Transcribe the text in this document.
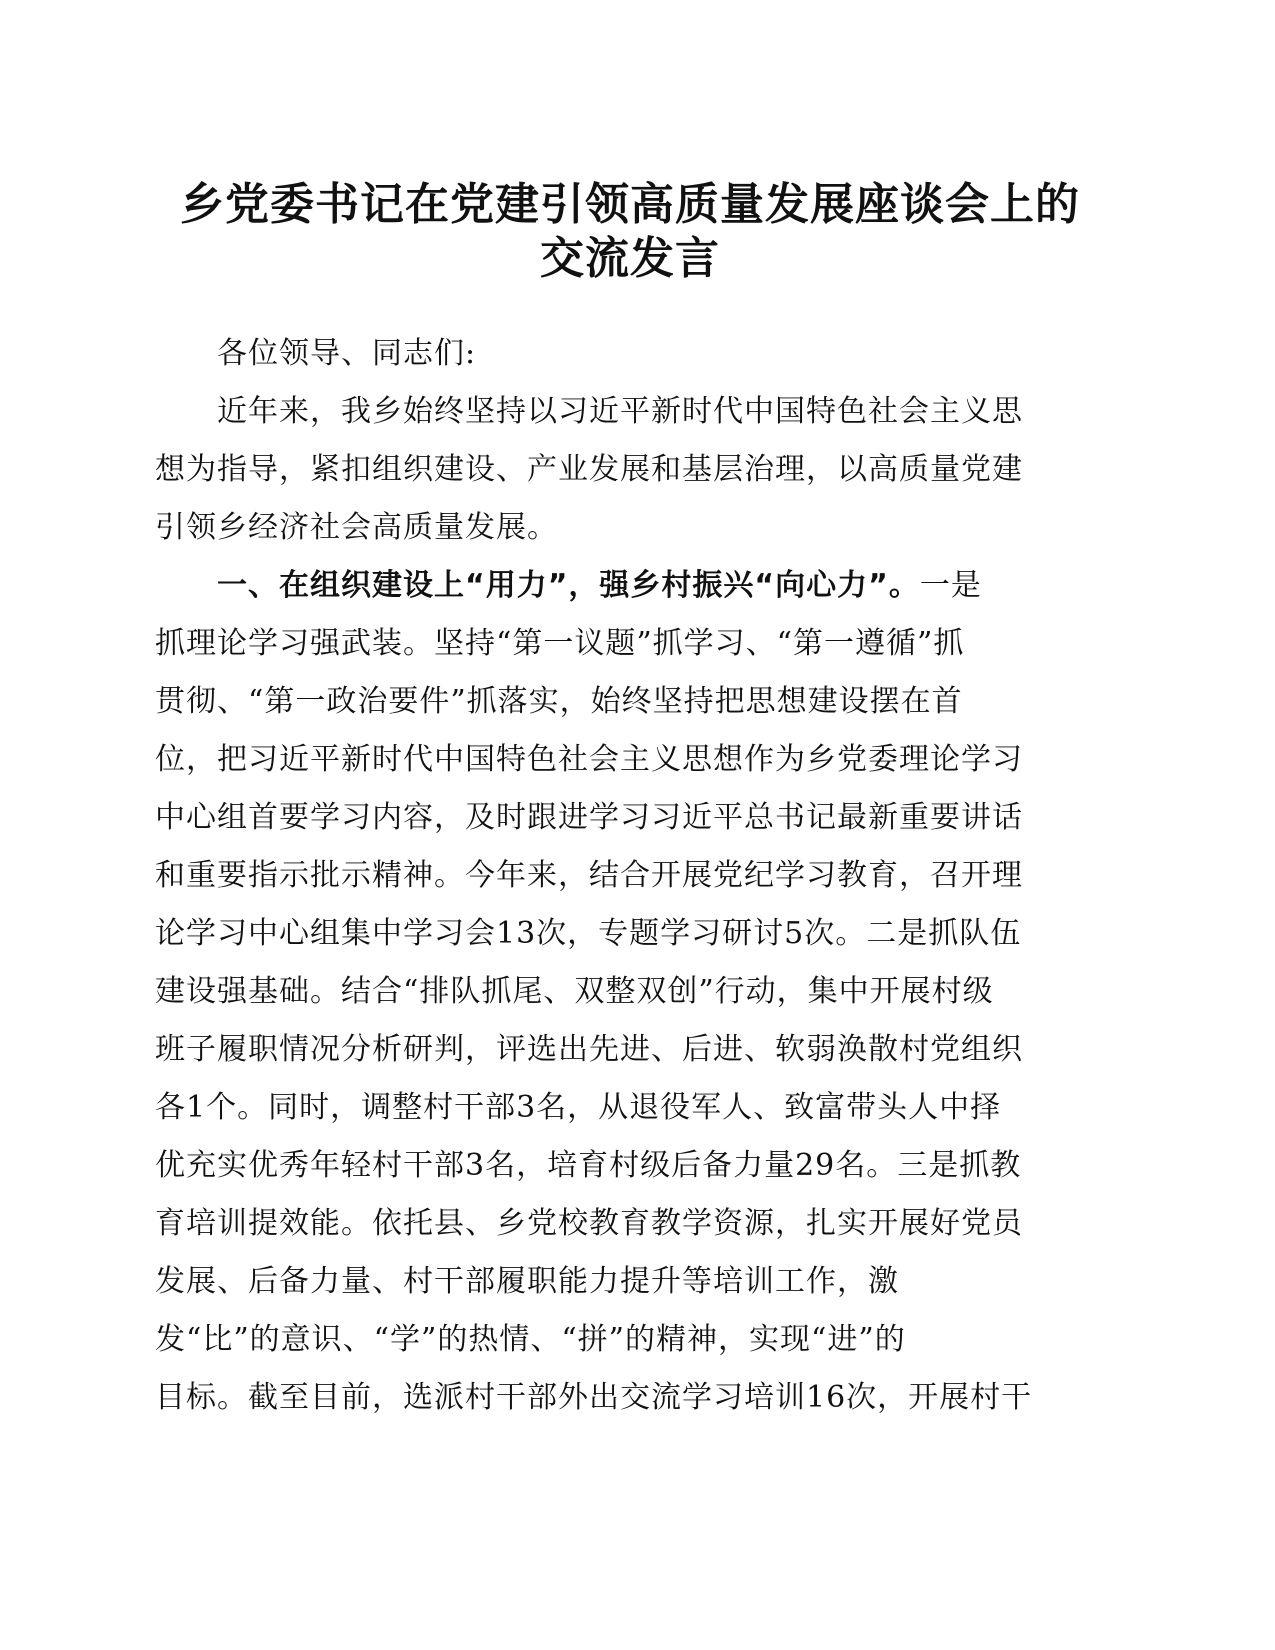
乡党委书记在党建引领高质量发展座谈会上的
交流发言
各位领导、同志们:
近年来，我乡始终坚持以习近平新时代中国特色社会主义思
想为指导，紧扣组织建设、产业发展和基层治理，以高质量党建
引领乡经济社会高质量发展。
一、在组织建设上“用力”，强乡村振兴“向心力”。一是
抓理论学习强武装。坚持“第一议题”抓学习、“第一遵循”抓
贯彻、“第一政治要件”抓落实，始终坚持把思想建设摆在首
位，把习近平新时代中国特色社会主义思想作为乡党委理论学习
中心组首要学习内容，及时跟进学习习近平总书记最新重要讲话
和重要指示批示精神。今年来，结合开展党纪学习教育，召开理
论学习中心组集中学习会13次，专题学习研讨5次。二是抓队伍
建设强基础。结合“排队抓尾、双整双创”行动，集中开展村级
班子履职情况分析研判，评选出先进、后进、软弱涣散村党组织
各1个。同时，调整村干部3名，从退役军人、致富带头人中择
优充实优秀年轻村干部3名，培育村级后备力量29名。三是抓教
育培训提效能。依托县、乡党校教育教学资源，扎实开展好党员
发展、后备力量、村干部履职能力提升等培训工作，激
发“比”的意识、“学”的热情、“拼”的精神，实现“进”的
目标。截至目前，选派村干部外出交流学习培训16次，开展村干
